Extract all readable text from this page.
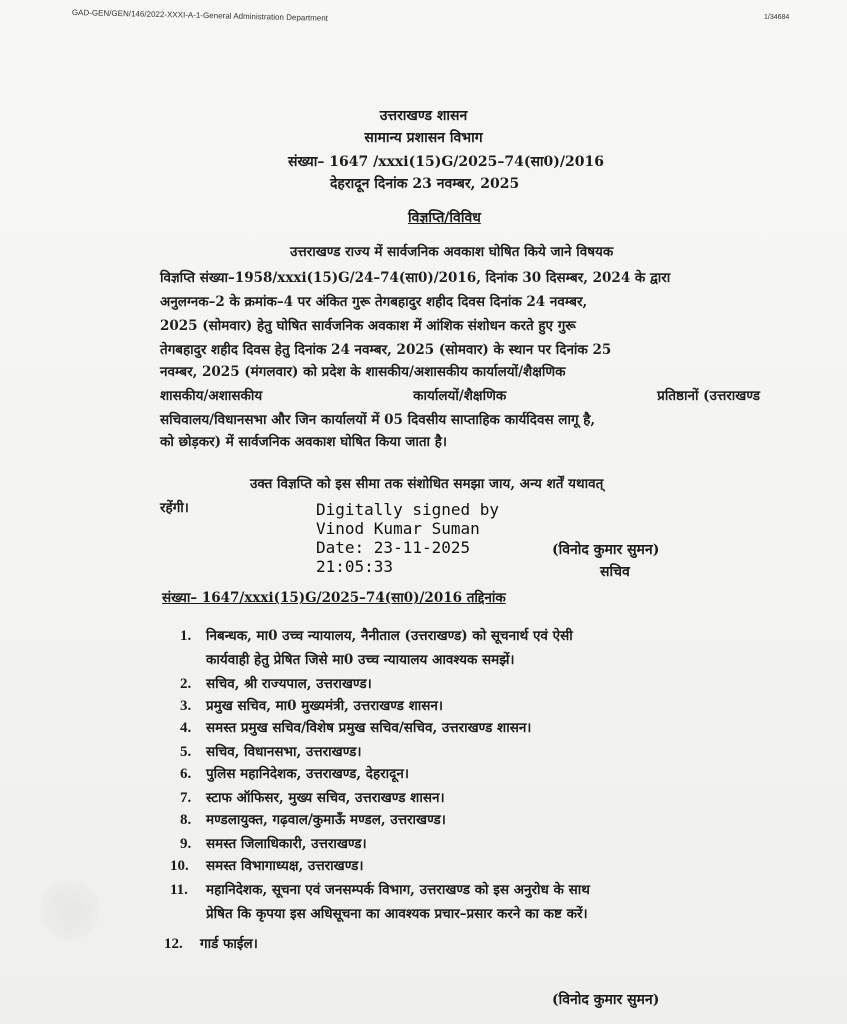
GAD-GEN/GEN/146/2022-XXXI-A-1-General Administration Department	1/34684
उत्तराखण्ड शासन
सामान्य प्रशासन विभाग
संख्या– 1647 /xxxi(15)G/2025–74(सा0)/2016
देहरादून दिनांक 23 नवम्बर, 2025
विज्ञप्ति/विविध
उत्तराखण्ड राज्य में सार्वजनिक अवकाश घोषित किये जाने विषयक
विज्ञप्ति संख्या–1958/xxxi(15)G/24–74(सा0)/2016, दिनांक 30 दिसम्बर, 2024 के द्वारा
अनुलग्नक–2 के क्रमांक–4 पर अंकित गुरू तेगबहादुर शहीद दिवस दिनांक 24 नवम्बर,
2025 (सोमवार) हेतु घोषित सार्वजनिक अवकाश में आंशिक संशोधन करते हुए गुरू
तेगबहादुर शहीद दिवस हेतु दिनांक 24 नवम्बर, 2025 (सोमवार) के स्थान पर दिनांक 25
नवम्बर, 2025 (मंगलवार) को प्रदेश के शासकीय/अशासकीय कार्यालयों/शैक्षणिक
शासकीय/अशासकीय	कार्यालयों/शैक्षणिक	प्रतिष्ठानों (उत्तराखण्ड
सचिवालय/विधानसभा और जिन कार्यालयों में 05 दिवसीय साप्ताहिक कार्यदिवस लागू है,
को छोड़कर) में सार्वजनिक अवकाश घोषित किया जाता है।
उक्त विज्ञप्ति को इस सीमा तक संशोधित समझा जाय, अन्य शर्तें यथावत्
रहेंगी।	Digitally signed by
Vinod Kumar Suman
Date: 23-11-2025
21:05:33
(विनोद कुमार सुमन)
सचिव
संख्या– 1647/xxxi(15)G/2025–74(सा0)/2016 तद्दिनांक
1. निबन्धक, मा0 उच्च न्यायालय, नैनीताल (उत्तराखण्ड) को सूचनार्थ एवं ऐसी
कार्यवाही हेतु प्रेषित जिसे मा0 उच्च न्यायालय आवश्यक समझें।
2. सचिव, श्री राज्यपाल, उत्तराखण्ड।
3. प्रमुख सचिव, मा0 मुख्यमंत्री, उत्तराखण्ड शासन।
4. समस्त प्रमुख सचिव/विशेष प्रमुख सचिव/सचिव, उत्तराखण्ड शासन।
5. सचिव, विधानसभा, उत्तराखण्ड।
6. पुलिस महानिदेशक, उत्तराखण्ड, देहरादून।
7. स्टाफ ऑफिसर, मुख्य सचिव, उत्तराखण्ड शासन।
8. मण्डलायुक्त, गढ़वाल/कुमाऊँ मण्डल, उत्तराखण्ड।
9. समस्त जिलाधिकारी, उत्तराखण्ड।
10. समस्त विभागाध्यक्ष, उत्तराखण्ड।
11. महानिदेशक, सूचना एवं जनसम्पर्क विभाग, उत्तराखण्ड को इस अनुरोध के साथ
प्रेषित कि कृपया इस अधिसूचना का आवश्यक प्रचार–प्रसार करने का कष्ट करें।
12. गार्ड फाईल।
(विनोद कुमार सुमन)
